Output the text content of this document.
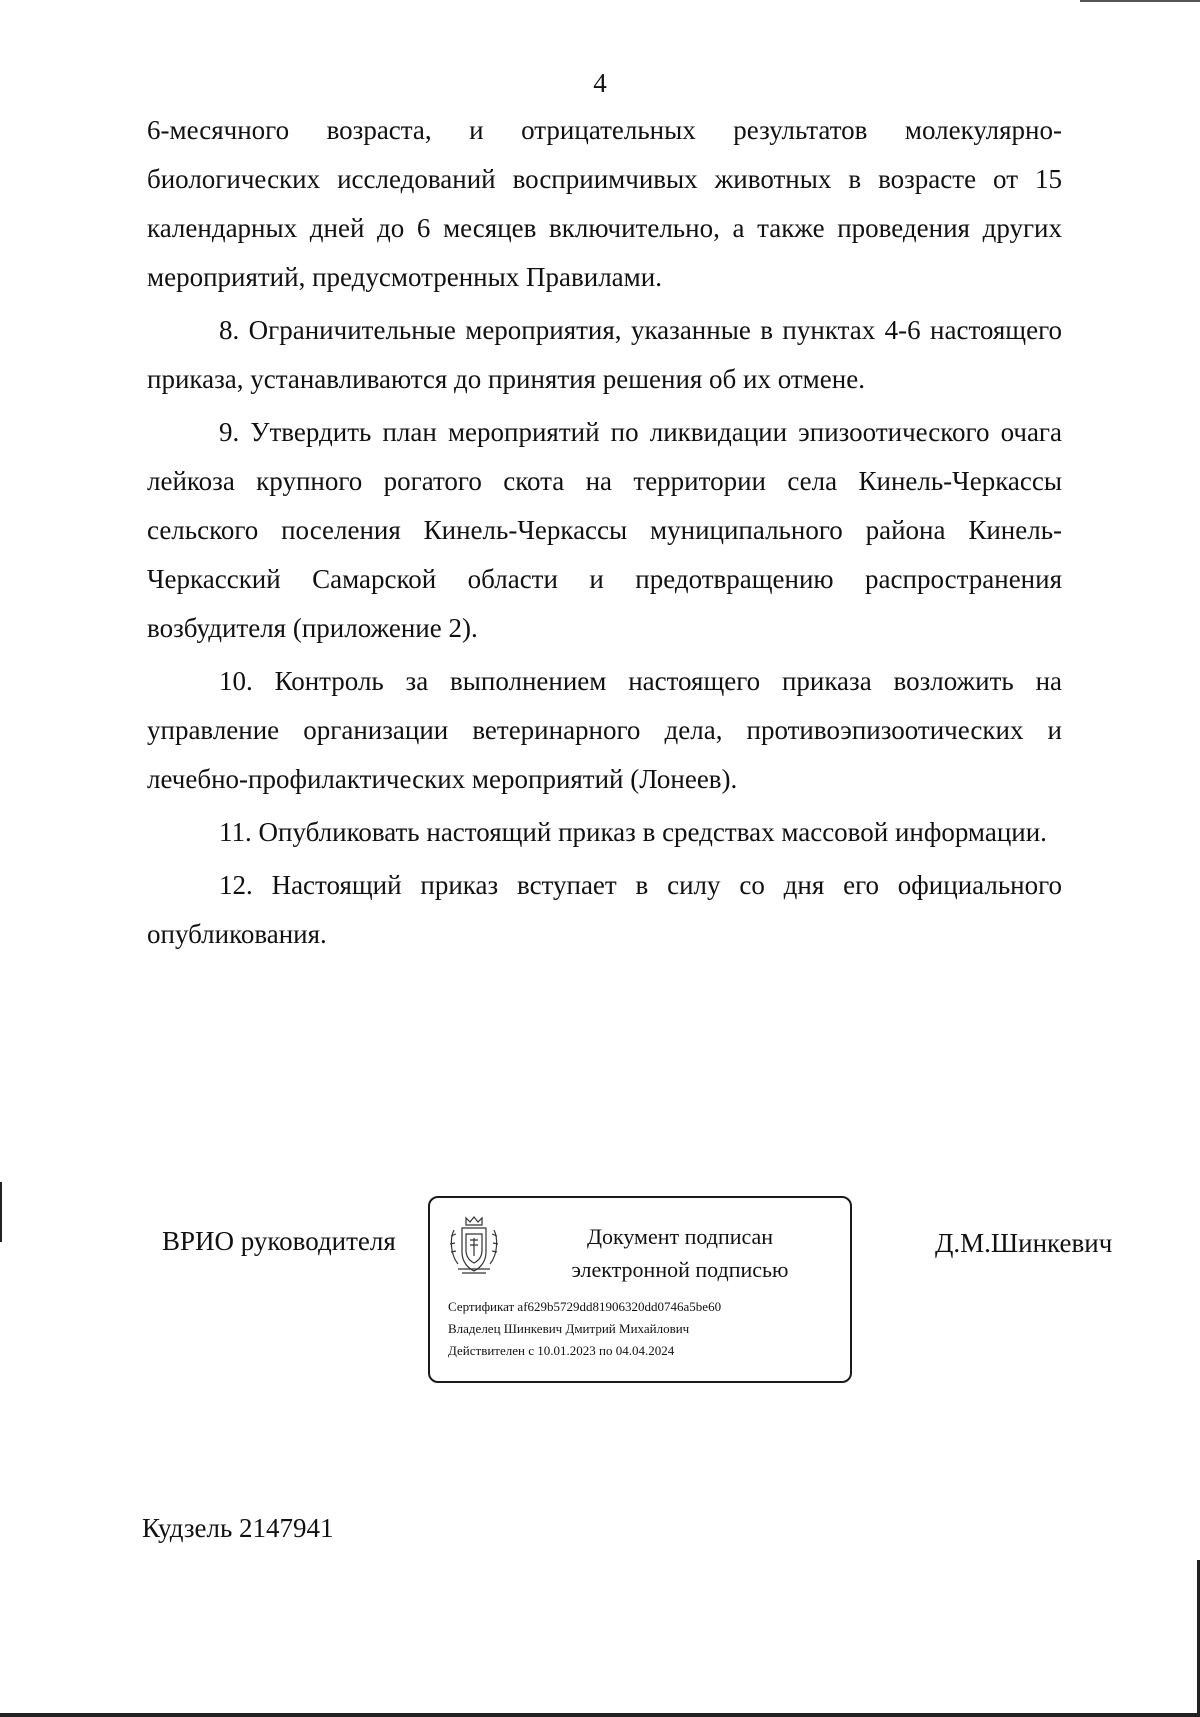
4

6-месячного возраста, и отрицательных результатов молекулярно-биологических исследований восприимчивых животных в возрасте от 15 календарных дней до 6 месяцев включительно, а также проведения других мероприятий, предусмотренных Правилами.

8. Ограничительные мероприятия, указанные в пунктах 4-6 настоящего приказа, устанавливаются до принятия решения об их отмене.

9. Утвердить план мероприятий по ликвидации эпизоотического очага лейкоза крупного рогатого скота на территории села Кинель-Черкассы сельского поселения Кинель-Черкассы муниципального района Кинель-Черкасский Самарской области и предотвращению распространения возбудителя (приложение 2).

10. Контроль за выполнением настоящего приказа возложить на управление организации ветеринарного дела, противоэпизоотических и лечебно-профилактических мероприятий (Лонеев).

11. Опубликовать настоящий приказ в средствах массовой информации.

12. Настоящий приказ вступает в силу со дня его официального опубликования.

ВРИО руководителя	Документ подписан
электронной подписью
Сертификат af629b5729dd81906320dd0746a5be60
Владелец Шинкевич Дмитрий Михайлович
Действителен с 10.01.2023 по 04.04.2024
Д.М.Шинкевич
Кудзель 2147941
